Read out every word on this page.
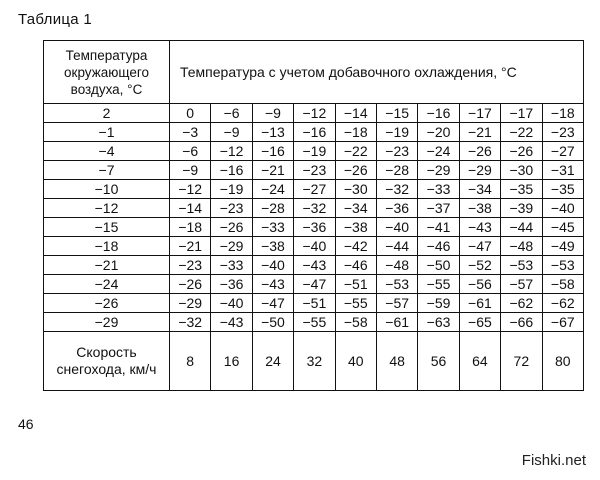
Таблица 1
Температура окружающего воздуха, °C	Температура с учетом добавочного охлаждения, °C									
2	0	−6	−9	−12	−14	−15	−16	−17	−17	−18
−1	−3	−9	−13	−16	−18	−19	−20	−21	−22	−23
−4	−6	−12	−16	−19	−22	−23	−24	−26	−26	−27
−7	−9	−16	−21	−23	−26	−28	−29	−29	−30	−31
−10	−12	−19	−24	−27	−30	−32	−33	−34	−35	−35
−12	−14	−23	−28	−32	−34	−36	−37	−38	−39	−40
−15	−18	−26	−33	−36	−38	−40	−41	−43	−44	−45
−18	−21	−29	−38	−40	−42	−44	−46	−47	−48	−49
−21	−23	−33	−40	−43	−46	−48	−50	−52	−53	−53
−24	−26	−36	−43	−47	−51	−53	−55	−56	−57	−58
−26	−29	−40	−47	−51	−55	−57	−59	−61	−62	−62
−29	−32	−43	−50	−55	−58	−61	−63	−65	−66	−67
Скорость снегохода, км/ч	8	16	24	32	40	48	56	64	72	80
46
Fishki.net
